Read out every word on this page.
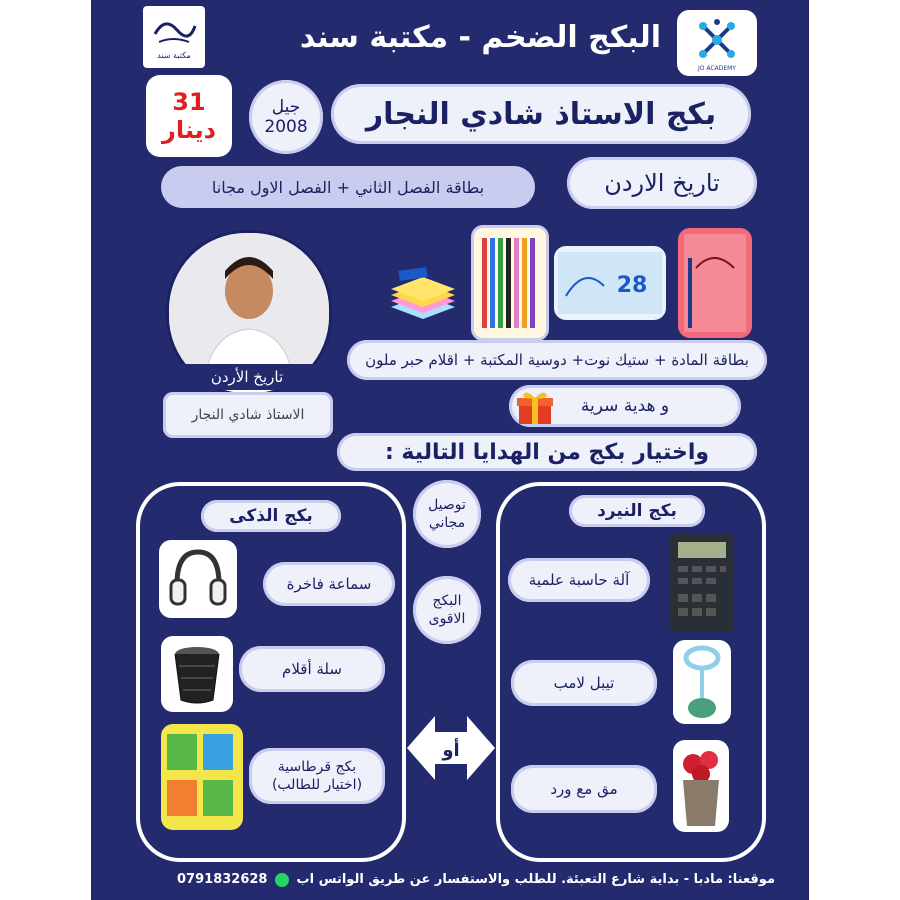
JO ACADEMY
مكتبة سند
البكج الضخم - مكتبة سند
31
دينار
جيل
2008	بكج الاستاذ شادي النجار
تاريخ الاردن
بطاقة الفصل الثاني + الفصل الاول مجانا
تاريخ الأردن
الاستاذ شادي النجار
28
بطاقة المادة + ستيك نوت+ دوسية المكتبة + اقلام حبر ملون
و هدية سرية
واختيار بكج من الهدايا التالية :
بكج الذكى
سماعة فاخرة
سلة أقلام
بكج قرطاسية
(اختيار للطالب)
بكج النيرد
آلة حاسبة علمية
تيبل لامب
مق مع ورد
توصيل مجاني
البكج الاقوى
أو
موقعنا: مادبا - بداية شارع التعبئة. للطلب والاستفسار عن طريق الواتس اب  0791832628
